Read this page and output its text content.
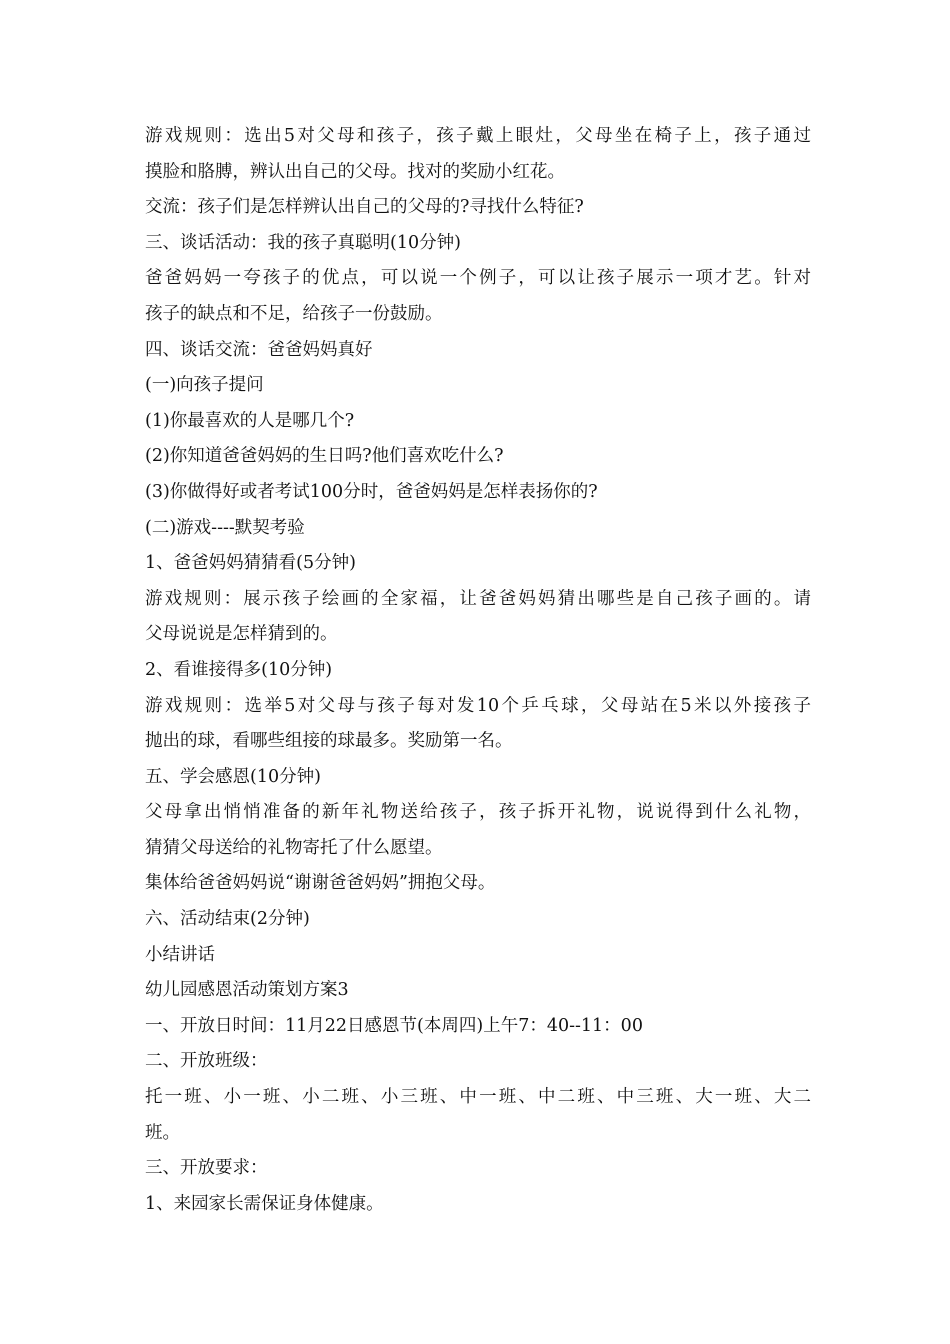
游戏规则：选出5对父母和孩子，孩子戴上眼灶，父母坐在椅子上，孩子通过
摸脸和胳膊，辨认出自己的父母。找对的奖励小红花。
交流：孩子们是怎样辨认出自己的父母的?寻找什么特征?
三、谈话活动：我的孩子真聪明(10分钟)
爸爸妈妈一夸孩子的优点，可以说一个例子，可以让孩子展示一项才艺。针对
孩子的缺点和不足，给孩子一份鼓励。
四、谈话交流：爸爸妈妈真好
(一)向孩子提问
(1)你最喜欢的人是哪几个?
(2)你知道爸爸妈妈的生日吗?他们喜欢吃什么?
(3)你做得好或者考试100分时，爸爸妈妈是怎样表扬你的?
(二)游戏----默契考验
1、爸爸妈妈猜猜看(5分钟)
游戏规则：展示孩子绘画的全家福，让爸爸妈妈猜出哪些是自己孩子画的。请
父母说说是怎样猜到的。
2、看谁接得多(10分钟)
游戏规则：选举5对父母与孩子每对发10个乒乓球，父母站在5米以外接孩子
抛出的球，看哪些组接的球最多。奖励第一名。
五、学会感恩(10分钟)
父母拿出悄悄准备的新年礼物送给孩子，孩子拆开礼物，说说得到什么礼物，
猜猜父母送给的礼物寄托了什么愿望。
集体给爸爸妈妈说“谢谢爸爸妈妈”拥抱父母。
六、活动结束(2分钟)
小结讲话
幼儿园感恩活动策划方案3
一、开放日时间：11月22日感恩节(本周四)上午7：40--11：00
二、开放班级：
托一班、小一班、小二班、小三班、中一班、中二班、中三班、大一班、大二
班。
三、开放要求：
1、来园家长需保证身体健康。
